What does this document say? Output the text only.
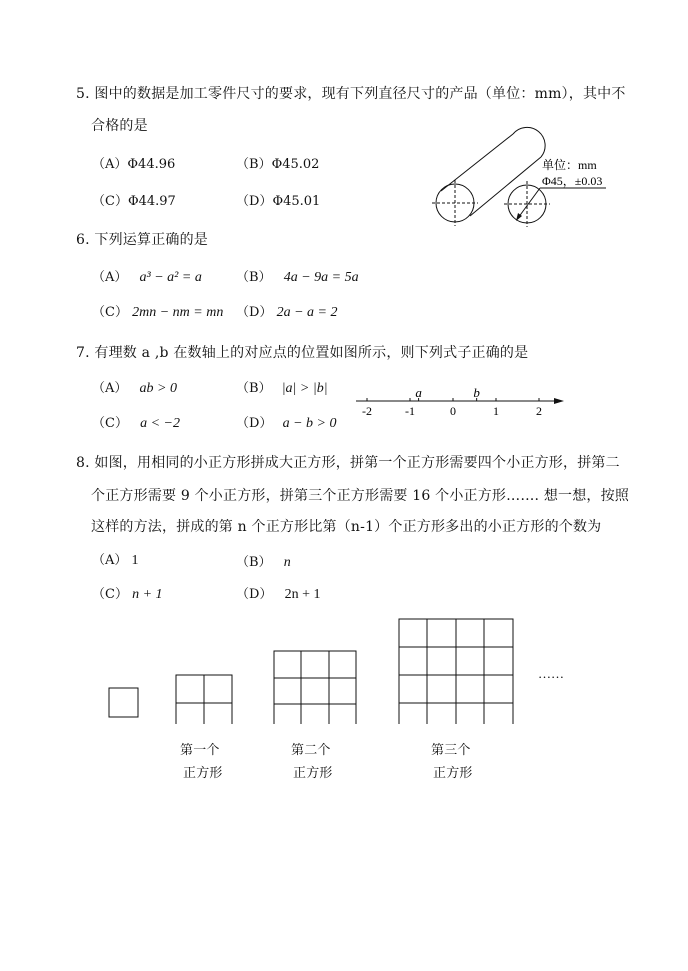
5. 图中的数据是加工零件尺寸的要求，现有下列直径尺寸的产品（单位：mm），其中不
合格的是
（A）Φ44.96	（B）Φ45.02
（C）Φ44.97	（D）Φ45.01
单位：mm
Φ45，±0.03
6. 下列运算正确的是
（A） a³ − a² = a	（B） 4a − 9a = 5a
（C） 2mn − nm = mn （D） 2a − a = 2
7. 有理数 a ,b 在数轴上的对应点的位置如图所示，则下列式子正确的是
（A） ab > 0	（B） |a| > |b|
（C） a < −2	（D） a − b > 0
-2	-1	0	1	2
a	b
8. 如图，用相同的小正方形拼成大正方形，拼第一个正方形需要四个小正方形，拼第二
个正方形需要 9 个小正方形，拼第三个正方形需要 16 个小正方形……. 想一想，按照
这样的方法，拼成的第 n 个正方形比第（n-1）个正方形多出的小正方形的个数为
（A） 1	（B） n
（C） n + 1	（D） 2n + 1
……
第一个
正方形
第二个
正方形
第三个
正方形
